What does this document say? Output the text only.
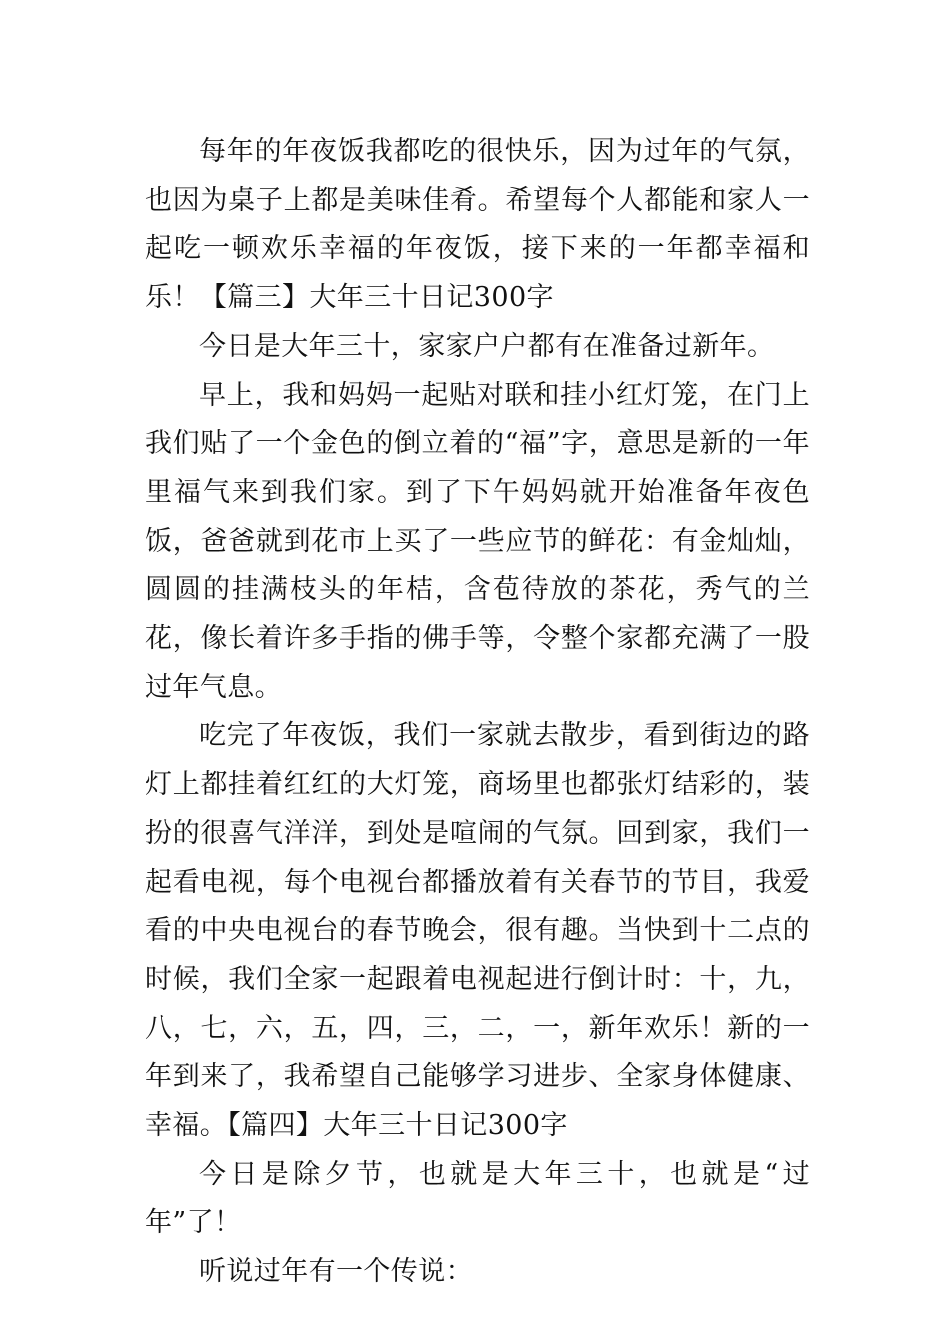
每年的年夜饭我都吃的很快乐，因为过年的气氛，也因为桌子上都是美味佳肴。希望每个人都能和家人一起吃一顿欢乐幸福的年夜饭，接下来的一年都幸福和乐！【篇三】大年三十日记300字

今日是大年三十，家家户户都有在准备过新年。

早上，我和妈妈一起贴对联和挂小红灯笼，在门上我们贴了一个金色的倒立着的“福”字，意思是新的一年里福气来到我们家。到了下午妈妈就开始准备年夜色饭，爸爸就到花市上买了一些应节的鲜花：有金灿灿，圆圆的挂满枝头的年桔，含苞待放的茶花，秀气的兰花，像长着许多手指的佛手等，令整个家都充满了一股过年气息。

吃完了年夜饭，我们一家就去散步，看到街边的路灯上都挂着红红的大灯笼，商场里也都张灯结彩的，装扮的很喜气洋洋，到处是喧闹的气氛。回到家，我们一起看电视，每个电视台都播放着有关春节的节目，我爱看的中央电视台的春节晚会，很有趣。当快到十二点的时候，我们全家一起跟着电视起进行倒计时：十，九，八，七，六，五，四，三，二，一，新年欢乐！新的一年到来了，我希望自己能够学习进步、全家身体健康、幸福。【篇四】大年三十日记300字

今日是除夕节，也就是大年三十，也就是“过年”了！

听说过年有一个传说：
